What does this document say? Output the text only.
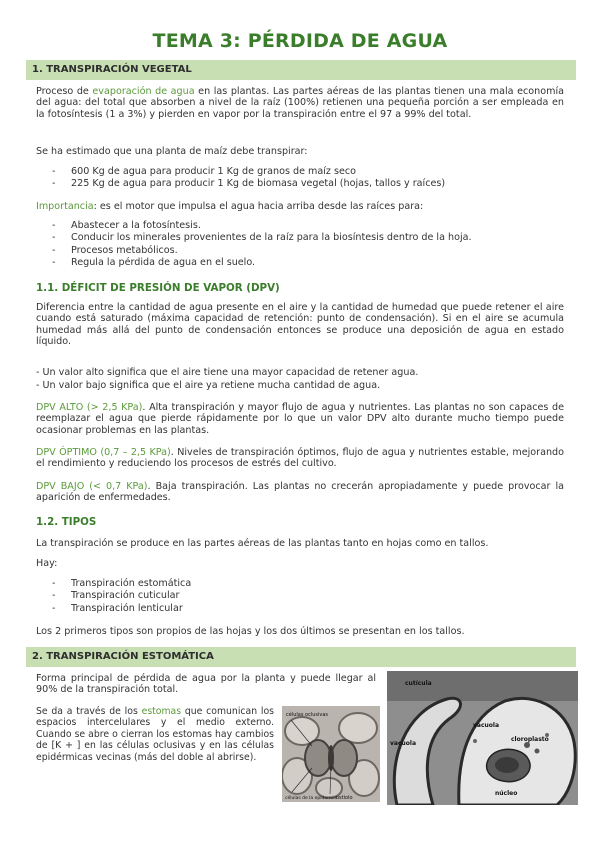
TEMA 3: PÉRDIDA DE AGUA
1. TRANSPIRACIÓN VEGETAL
Proceso de evaporación de agua en las plantas. Las partes aéreas de las plantas tienen una mala economía del agua: del total que absorben a nivel de la raíz (100%) retienen una pequeña porción a ser empleada en la fotosíntesis (1 a 3%) y pierden en vapor por la transpiración entre el 97 a 99% del total.
Se ha estimado que una planta de maíz debe transpirar:
- 600 Kg de agua para producir 1 Kg de granos de maíz seco
- 225 Kg de agua para producir 1 Kg de biomasa vegetal (hojas, tallos y raíces)
Importancia: es el motor que impulsa el agua hacia arriba desde las raíces para:
- Abastecer a la fotosíntesis.
- Conducir los minerales provenientes de la raíz para la biosíntesis dentro de la hoja.
- Procesos metabólicos.
- Regula la pérdida de agua en el suelo.
1.1. DÉFICIT DE PRESIÓN DE VAPOR (DPV)
Diferencia entre la cantidad de agua presente en el aire y la cantidad de humedad que puede retener el aire cuando está saturado (máxima capacidad de retención: punto de condensación). Si en el aire se acumula humedad más allá del punto de condensación entonces se produce una deposición de agua en estado líquido.
- Un valor alto significa que el aire tiene una mayor capacidad de retener agua.
- Un valor bajo significa que el aire ya retiene mucha cantidad de agua.
DPV ALTO (> 2,5 KPa). Alta transpiración y mayor flujo de agua y nutrientes. Las plantas no son capaces de reemplazar el agua que pierde rápidamente por lo que un valor DPV alto durante mucho tiempo puede ocasionar problemas en las plantas.
DPV ÓPTIMO (0,7 – 2,5 KPa). Niveles de transpiración óptimos, flujo de agua y nutrientes estable, mejorando el rendimiento y reduciendo los procesos de estrés del cultivo.
DPV BAJO (< 0,7 KPa). Baja transpiración. Las plantas no crecerán apropiadamente y puede provocar la aparición de enfermedades.
1.2. TIPOS
La transpiración se produce en las partes aéreas de las plantas tanto en hojas como en tallos.
Hay:
- Transpiración estomática
- Transpiración cuticular
- Transpiración lenticular
Los 2 primeros tipos son propios de las hojas y los dos últimos se presentan en los tallos.
2. TRANSPIRACIÓN ESTOMÁTICA
Forma principal de pérdida de agua por la planta y puede llegar al 90% de la transpiración total.
Se da a través de los estomas que comunican los espacios intercelulares y el medio externo. Cuando se abre o cierran los estomas hay cambios de [K + ] en las células oclusivas y en las células epidérmicas vecinas (más del doble al abrirse).
células oclusivas
células de la epidermis ostiolo
cutícula
vacuola
vacuola
cloroplasto
núcleo
